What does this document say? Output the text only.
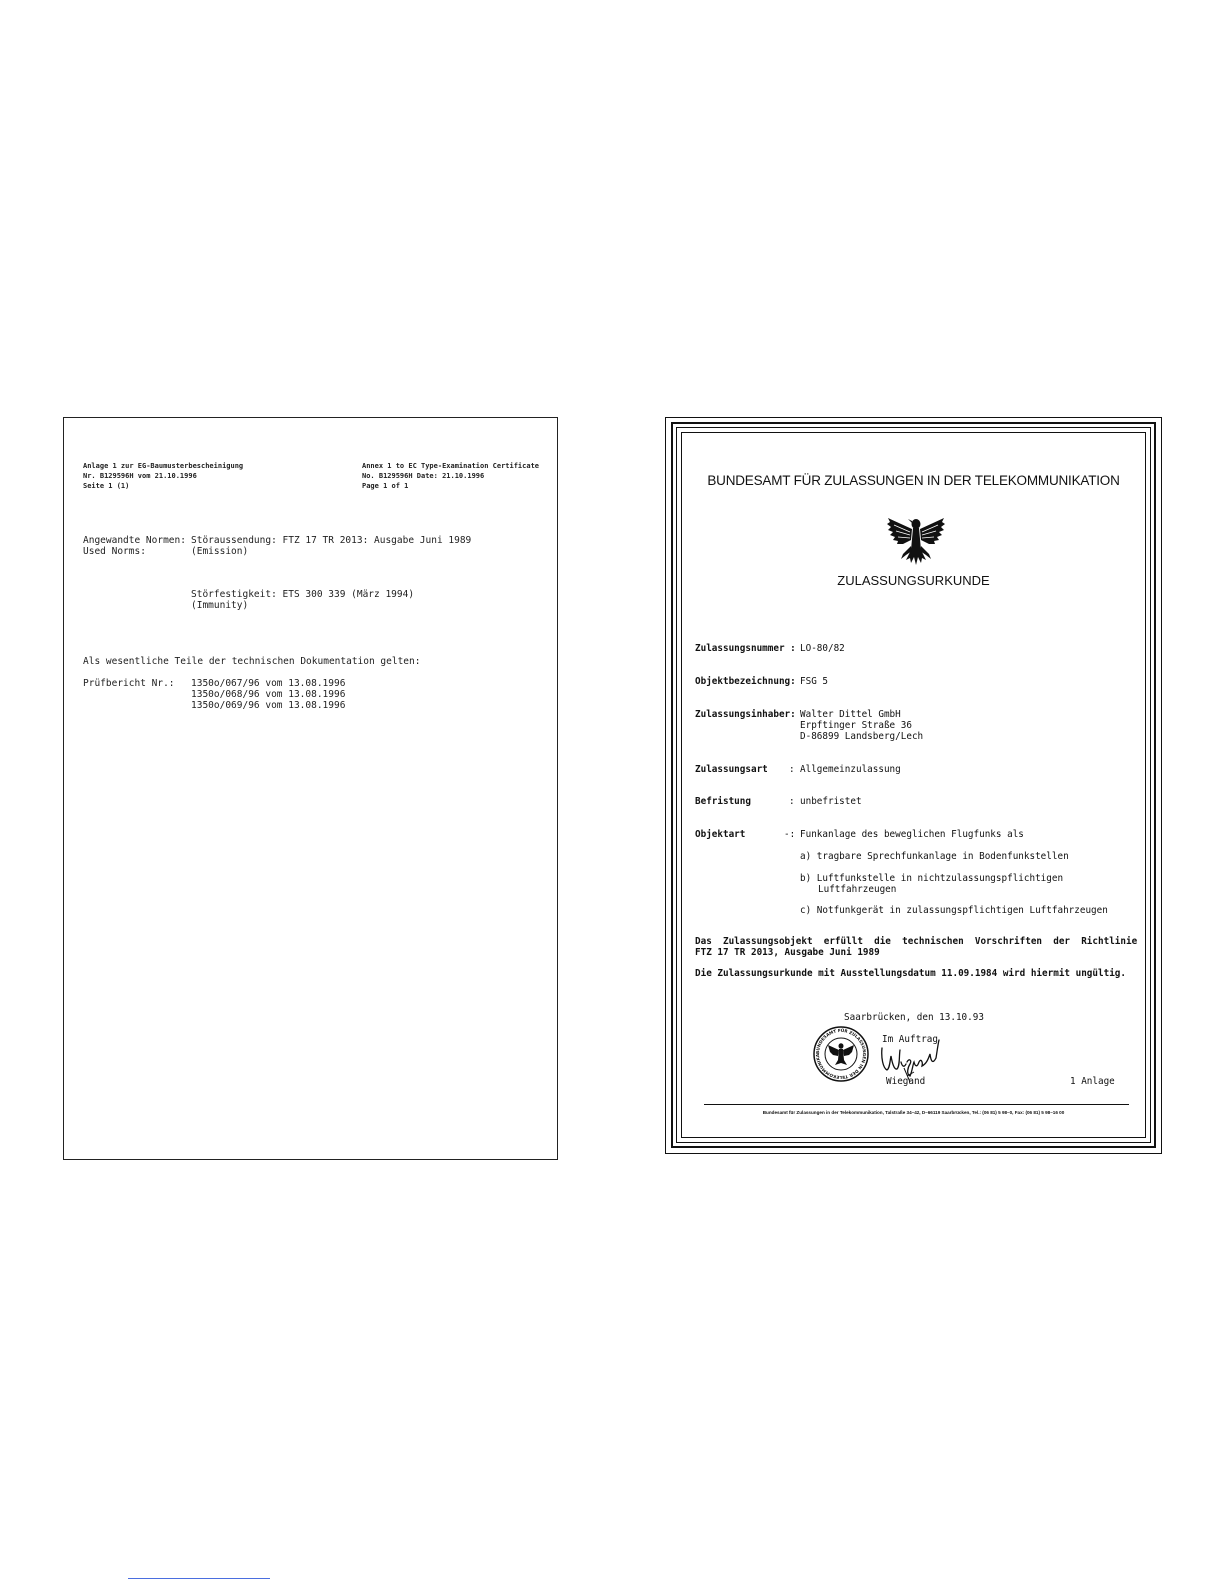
Anlage 1 zur EG-Baumusterbescheinigung
Nr. B129596H vom 21.10.1996
Seite 1 (1)
Annex 1 to EC Type-Examination Certificate
No. B129596H Date: 21.10.1996
Page 1 of 1
Angewandte Normen:
Used Norms:
Störaussendung: FTZ 17 TR 2013: Ausgabe Juni 1989
(Emission)
Störfestigkeit: ETS 300 339 (März 1994)
(Immunity)
Als wesentliche Teile der technischen Dokumentation gelten:
Prüfbericht Nr.: 1350o/067/96 vom 13.08.1996
1350o/068/96 vom 13.08.1996
1350o/069/96 vom 13.08.1996
BUNDESAMT FÜR ZULASSUNGEN IN DER TELEKOMMUNIKATION
ZULASSUNGSURKUNDE
Zulassungsnummer : LO-80/82
Objektbezeichnung: FSG 5
Zulassungsinhaber: Walter Dittel GmbH
Erpftinger Straße 36
D-86899 Landsberg/Lech
Zulassungsart : Allgemeinzulassung
Befristung	: unbefristet
Objektart	-: Funkanlage des beweglichen Flugfunks als
a) tragbare Sprechfunkanlage in Bodenfunkstellen
b) Luftfunkstelle in nichtzulassungspflichtigen
Luftfahrzeugen
c) Notfunkgerät in zulassungspflichtigen Luftfahrzeugen
Das  Zulassungsobjekt  erfüllt  die  technischen  Vorschriften  der  Richtlinie
FTZ 17 TR 2013, Ausgabe Juni 1989
Die Zulassungsurkunde mit Ausstellungsdatum 11.09.1984 wird hiermit ungültig.
Saarbrücken, den 13.10.93
Im Auftrag
BUNDESAMT FÜR ZULASSUNGEN IN DER TELEKOMMUNIKA
Wiegand	1 Anlage
Bundesamt für Zulassungen in der Telekommunikation, Talstraße 34–42, D–66119 Saarbrücken, Tel.: (06 81) 5 98–0, Fax: (06 81) 5 98–16 00
